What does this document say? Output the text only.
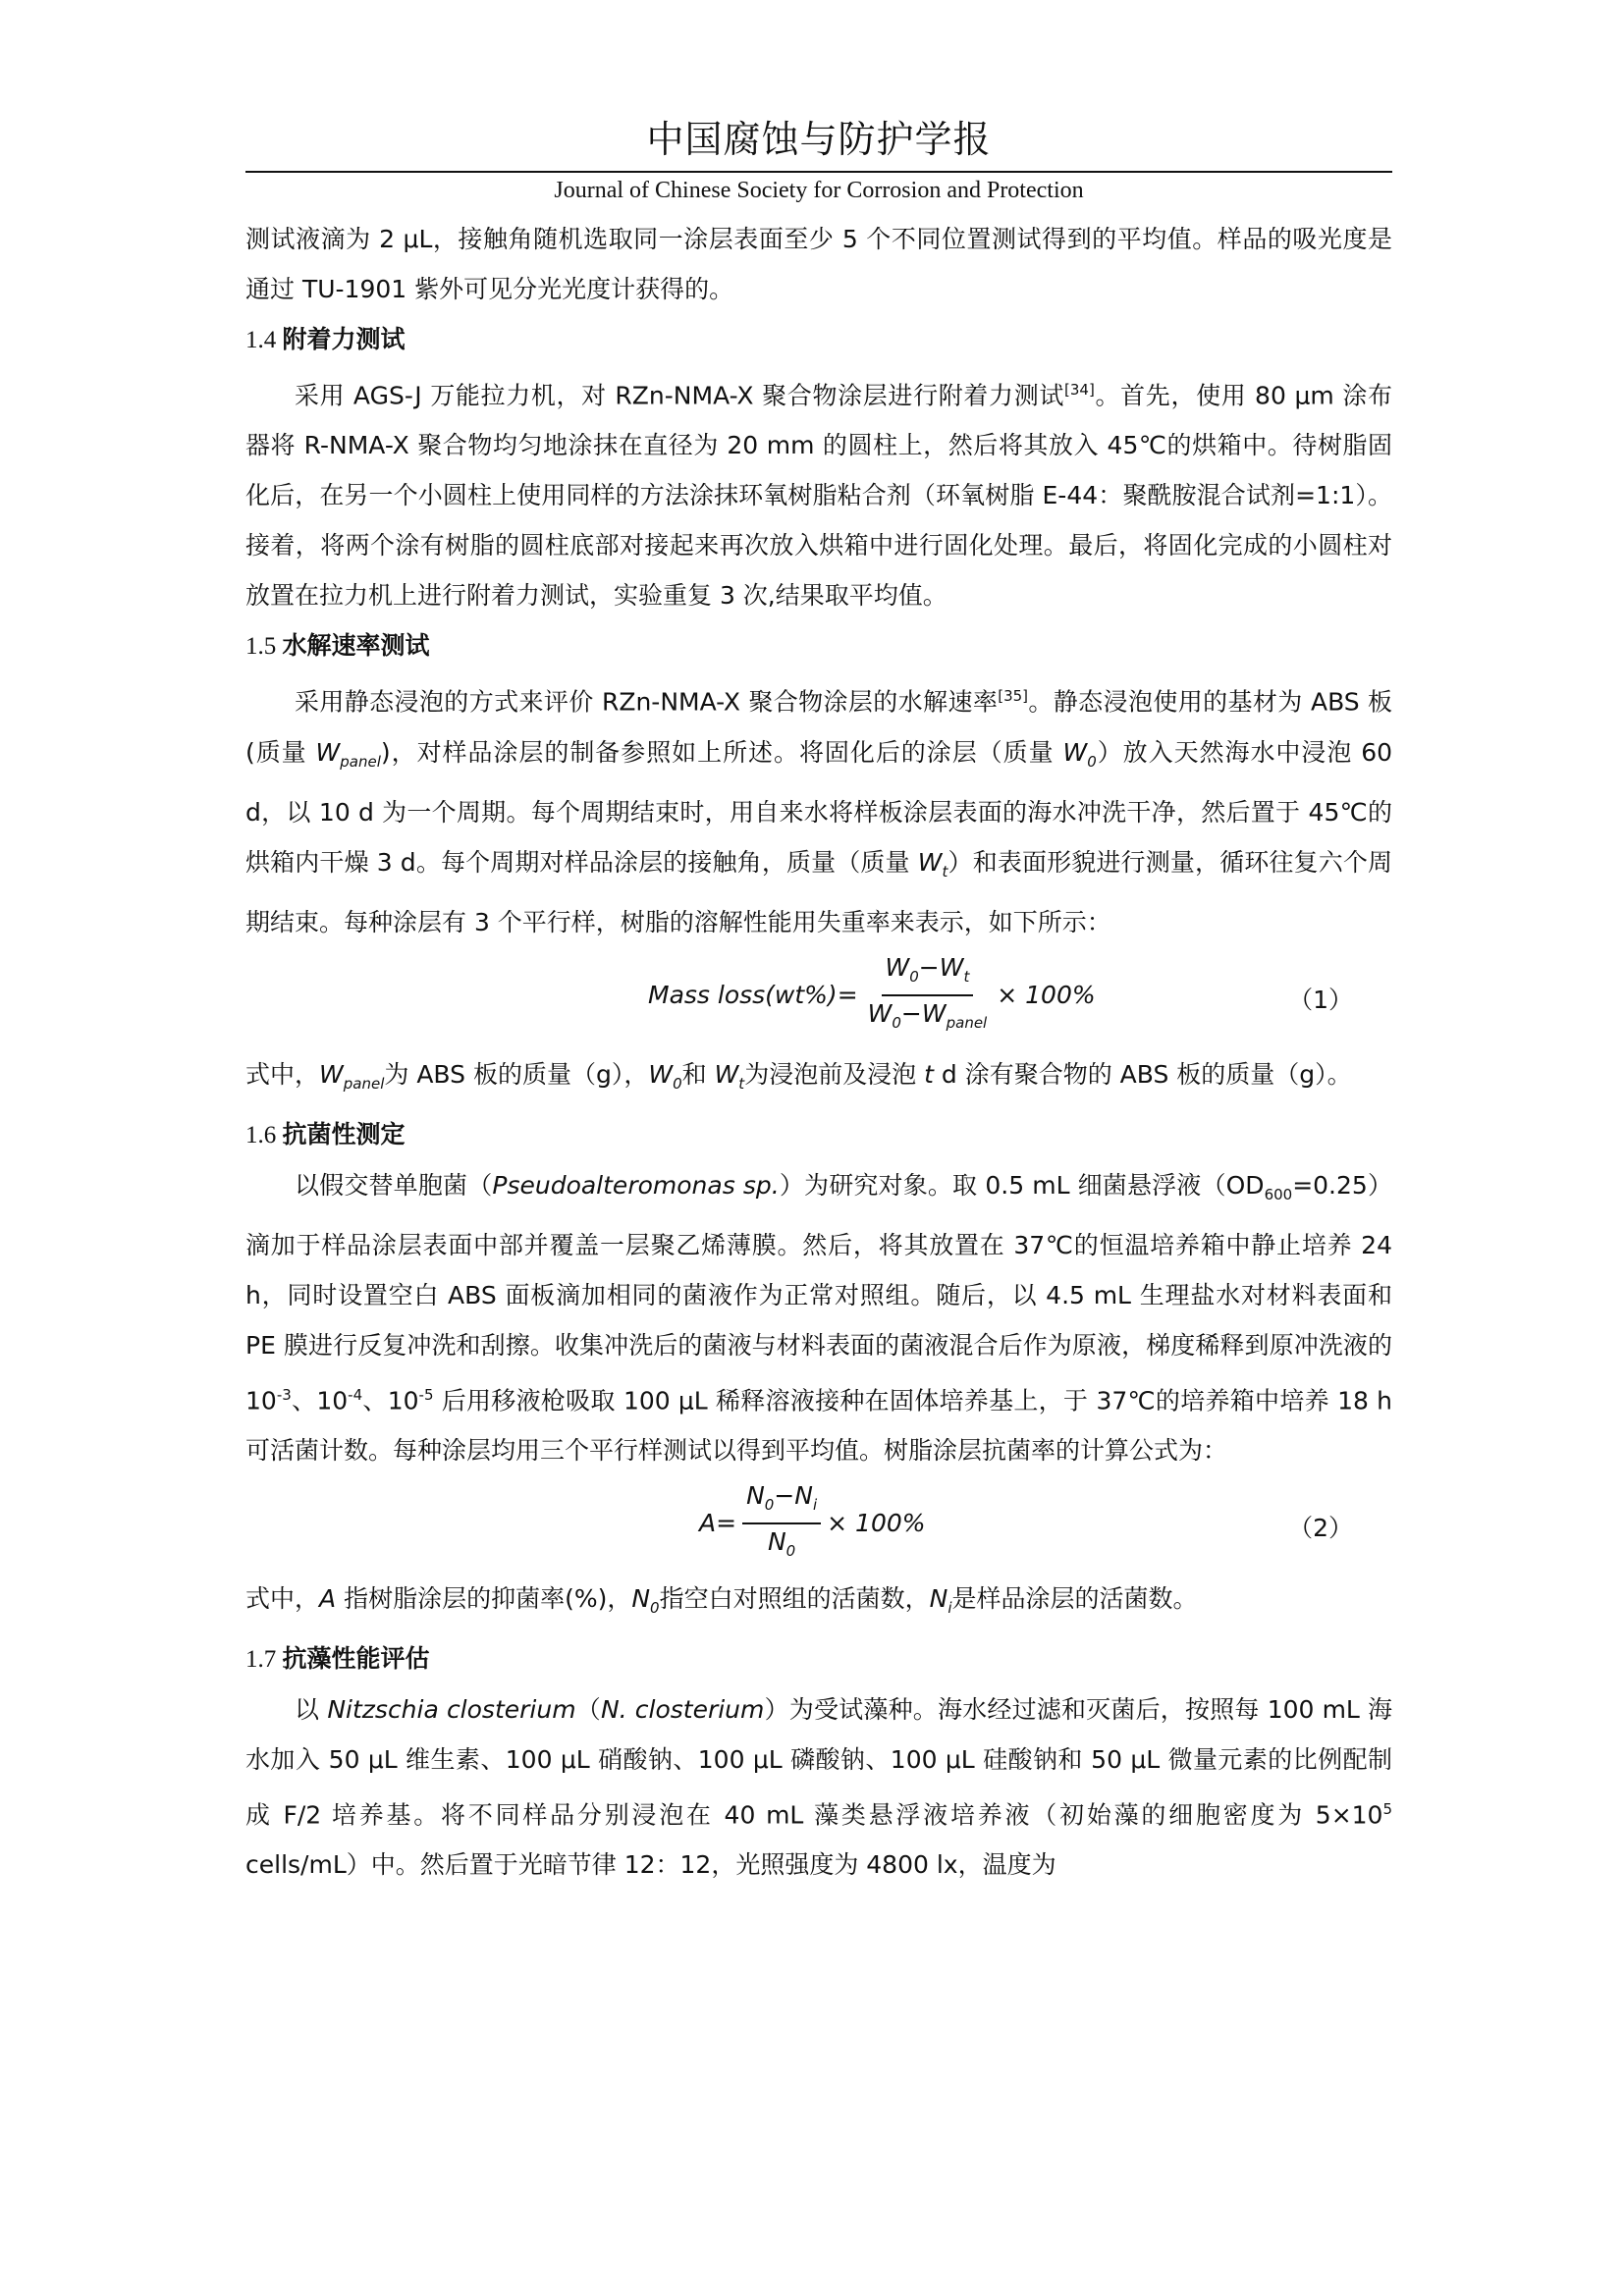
中国腐蚀与防护学报
Journal of Chinese Society for Corrosion and Protection

测试液滴为 2 μL，接触角随机选取同一涂层表面至少 5 个不同位置测试得到的平均值。样品的吸光度是通过 TU-1901 紫外可见分光光度计获得的。

1.4 附着力测试

采用 AGS-J 万能拉力机，对 RZn-NMA-X 聚合物涂层进行附着力测试[34]。首先，使用 80 μm 涂布器将 R-NMA-X 聚合物均匀地涂抹在直径为 20 mm 的圆柱上，然后将其放入 45℃的烘箱中。待树脂固化后，在另一个小圆柱上使用同样的方法涂抹环氧树脂粘合剂（环氧树脂 E-44：聚酰胺混合试剂=1:1）。接着，将两个涂有树脂的圆柱底部对接起来再次放入烘箱中进行固化处理。最后，将固化完成的小圆柱对放置在拉力机上进行附着力测试，实验重复 3 次,结果取平均值。

1.5 水解速率测试

采用静态浸泡的方式来评价 RZn-NMA-X 聚合物涂层的水解速率[35]。静态浸泡使用的基材为 ABS 板(质量 $W_{panel}$)，对样品涂层的制备参照如上所述。将固化后的涂层（质量 $W_0$）放入天然海水中浸泡 60 d，以 10 d 为一个周期。每个周期结束时，用自来水将样板涂层表面的海水冲洗干净，然后置于 45℃的烘箱内干燥 3 d。每个周期对样品涂层的接触角，质量（质量 $W_t$）和表面形貌进行测量，循环往复六个周期结束。每种涂层有 3 个平行样，树脂的溶解性能用失重率来表示，如下所示：

Mass loss(wt%)= $\frac{W_0-W_t}{W_0-W_{panel}} \times 100\%$	（1）

式中，$W_{panel}$为 ABS 板的质量（g），$W_0$和 $W_t$为浸泡前及浸泡 t d 涂有聚合物的 ABS 板的质量（g）。

1.6 抗菌性测定

以假交替单胞菌（Pseudoalteromonas sp.）为研究对象。取 0.5 mL 细菌悬浮液$(OD_{600}=0.25)$滴加于样品涂层表面中部并覆盖一层聚乙烯薄膜。然后，将其放置在 37℃的恒温培养箱中静止培养 24 h，同时设置空白 ABS 面板滴加相同的菌液作为正常对照组。随后，以 4.5 mL 生理盐水对材料表面和 PE 膜进行反复冲洗和刮擦。收集冲洗后的菌液与材料表面的菌液混合后作为原液，梯度稀释到原冲洗液的 $10^{-3}$、$10^{-4}$、$10^{-5}$ 后用移液枪吸取 100 μL 稀释溶液接种在固体培养基上，于 37℃的培养箱中培养 18 h 可活菌计数。每种涂层均用三个平行样测试以得到平均值。树脂涂层抗菌率的计算公式为：

$A= \frac{N_0-N_i}{N_0} \times 100\%$	（2）

式中，A 指树脂涂层的抑菌率(%)，$N_0$指空白对照组的活菌数，$N_i$是样品涂层的活菌数。

1.7 抗藻性能评估

以 Nitzschia closterium（N. closterium）为受试藻种。海水经过滤和灭菌后，按照每 100 mL 海水加入 50 μL 维生素、100 μL 硝酸钠、100 μL 磷酸钠、100 μL 硅酸钠和 50 μL 微量元素的比例配制成 F/2 培养基。将不同样品分别浸泡在 40 mL 藻类悬浮液培养液（初始藻的细胞密度为 $5\times 10^5$ cells/mL）中。然后置于光暗节律 12：12，光照强度为 4800 lx，温度为
